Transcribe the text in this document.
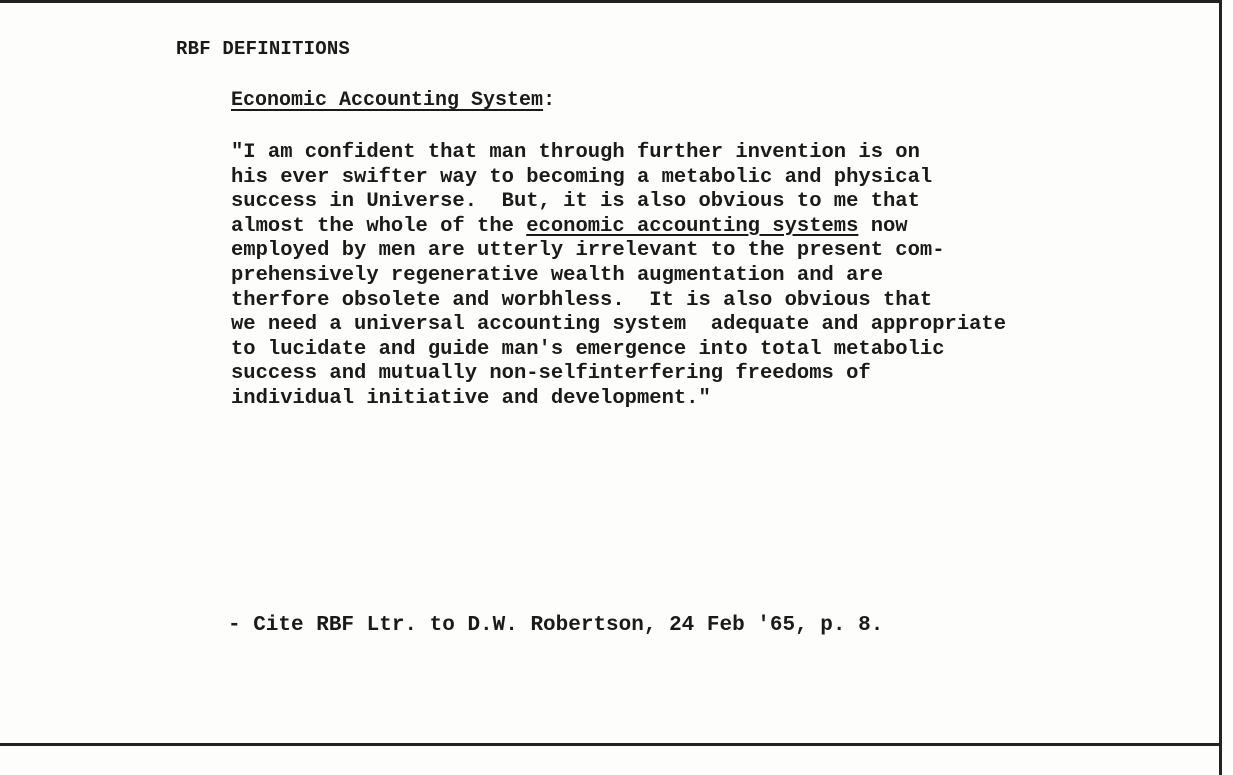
RBF DEFINITIONS
Economic Accounting System:
"I am confident that man through further invention is on
his ever swifter way to becoming a metabolic and physical
success in Universe.  But, it is also obvious to me that
almost the whole of the economic accounting systems now
employed by men are utterly irrelevant to the present com-
prehensively regenerative wealth augmentation and are
therfore obsolete and worbhless.  It is also obvious that
we need a universal accounting system  adequate and appropriate
to lucidate and guide man's emergence into total metabolic
success and mutually non-selfinterfering freedoms of
individual initiative and development."
- Cite RBF Ltr. to D.W. Robertson, 24 Feb '65, p. 8.
